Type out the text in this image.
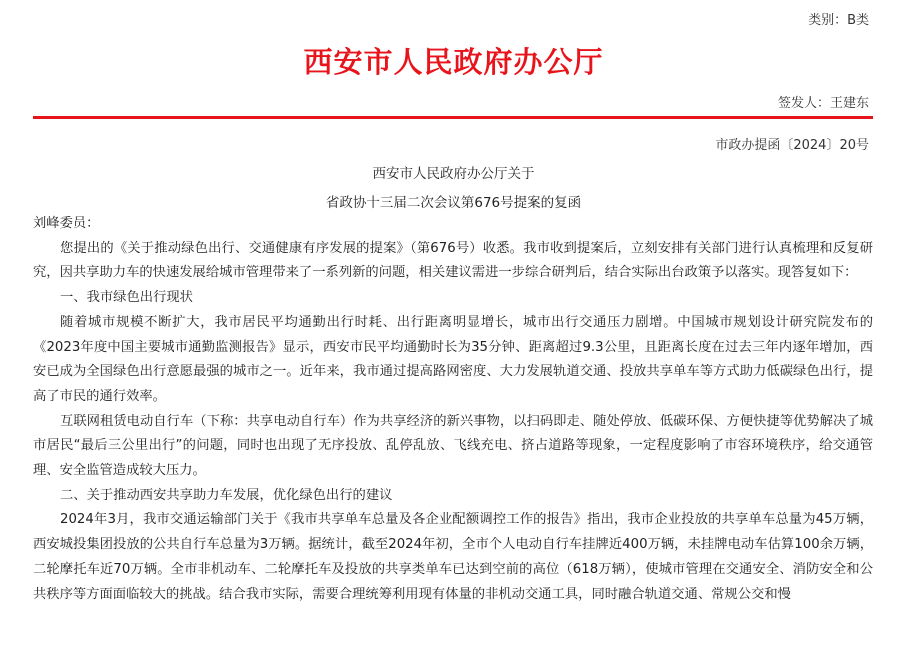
类别：B类
西安市人民政府办公厅
签发人：王建东
市政办提函〔2024〕20号
西安市人民政府办公厅关于
省政协十三届二次会议第676号提案的复函

刘峰委员：

您提出的《关于推动绿色出行、交通健康有序发展的提案》（第676号）收悉。我市收到提案后，立刻安排有关部门进行认真梳理和反复研究，因共享助力车的快速发展给城市管理带来了一系列新的问题，相关建议需进一步综合研判后，结合实际出台政策予以落实。现答复如下：

一、我市绿色出行现状

随着城市规模不断扩大，我市居民平均通勤出行时耗、出行距离明显增长，城市出行交通压力剧增。中国城市规划设计研究院发布的《2023年度中国主要城市通勤监测报告》显示，西安市民平均通勤时长为35分钟、距离超过9.3公里，且距离长度在过去三年内逐年增加，西安已成为全国绿色出行意愿最强的城市之一。近年来，我市通过提高路网密度、大力发展轨道交通、投放共享单车等方式助力低碳绿色出行，提高了市民的通行效率。

互联网租赁电动自行车（下称：共享电动自行车）作为共享经济的新兴事物，以扫码即走、随处停放、低碳环保、方便快捷等优势解决了城市居民“最后三公里出行”的问题，同时也出现了无序投放、乱停乱放、飞线充电、挤占道路等现象，一定程度影响了市容环境秩序，给交通管理、安全监管造成较大压力。

二、关于推动西安共享助力车发展，优化绿色出行的建议

2024年3月，我市交通运输部门关于《我市共享单车总量及各企业配额调控工作的报告》指出，我市企业投放的共享单车总量为45万辆，西安城投集团投放的公共自行车总量为3万辆。据统计，截至2024年初，全市个人电动自行车挂牌近400万辆，未挂牌电动车估算100余万辆，二轮摩托车近70万辆。全市非机动车、二轮摩托车及投放的共享类单车已达到空前的高位（618万辆），使城市管理在交通安全、消防安全和公共秩序等方面面临较大的挑战。结合我市实际，需要合理统筹利用现有体量的非机动交通工具，同时融合轨道交通、常规公交和慢
